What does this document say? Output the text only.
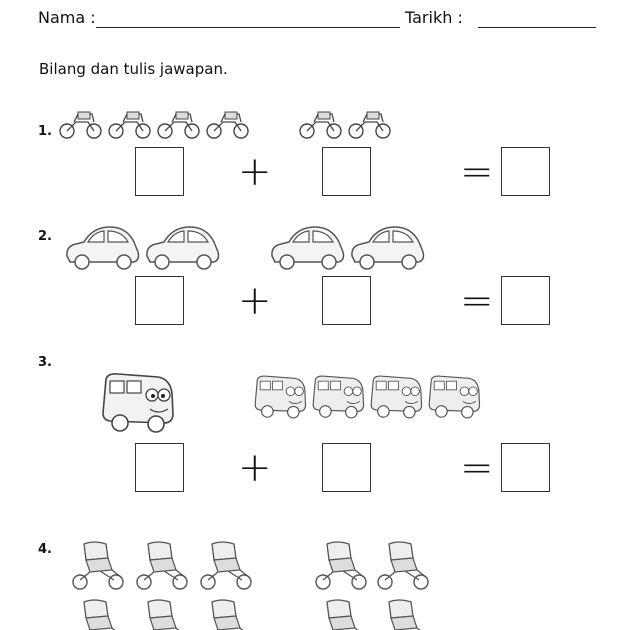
Nama :	Tarikh :
Bilang dan tulis jawapan.
1.
+	=
2.
+	=
3.
+	=
4.
